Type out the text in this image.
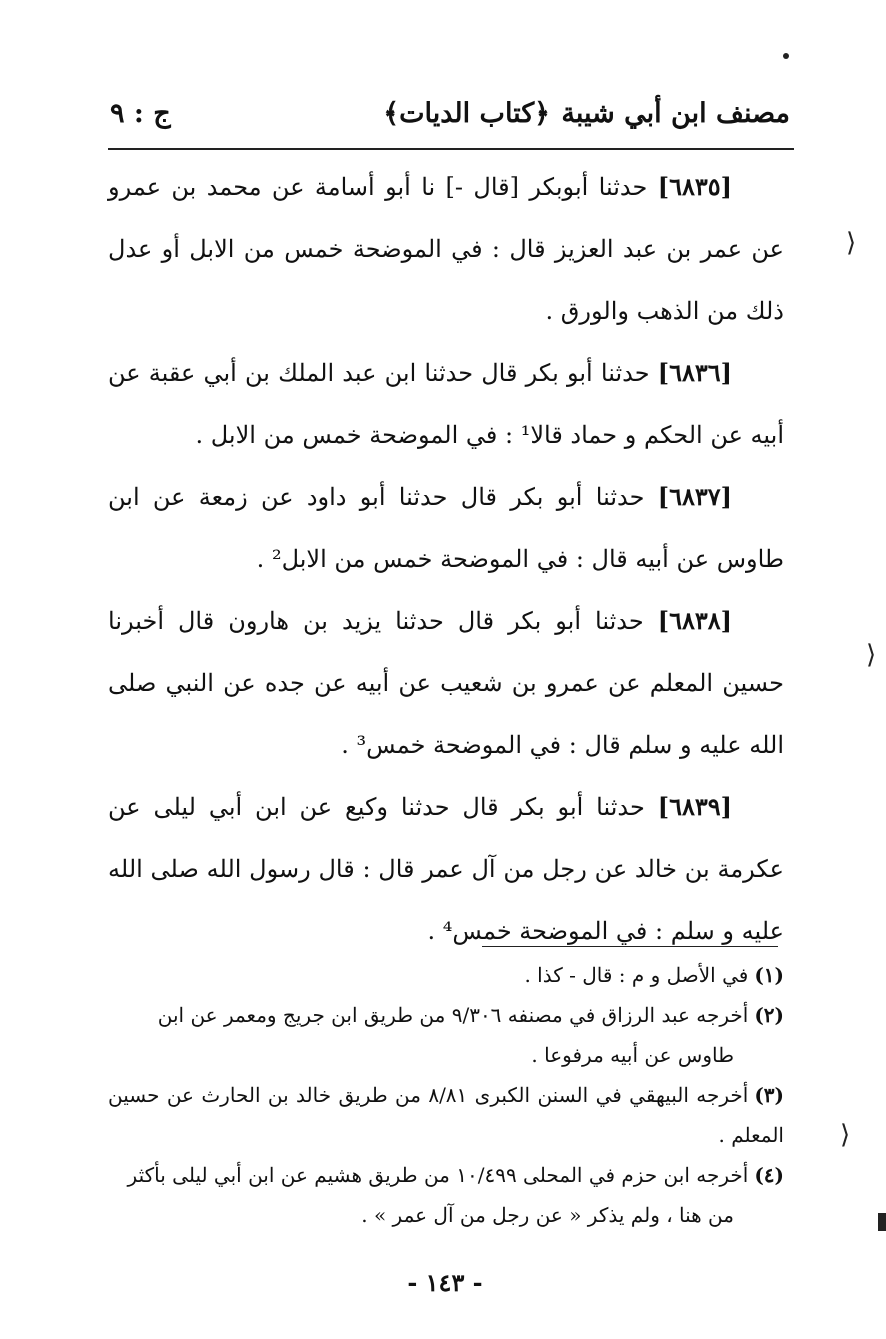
مصنف ابن أبي شيبة
﴿كتاب الديات﴾
ج : ٩

[٦٨٣٥] حدثنا أبوبكر [قال -] نا أبو أسامة عن محمد بن عمرو عن عمر بن عبد العزيز قال : في الموضحة خمس من الابل أو عدل ذلك من الذهب والورق .

[٦٨٣٦] حدثنا أبو بكر قال حدثنا ابن عبد الملك بن أبي عقبة عن أبيه عن الحكم و حماد قالا¹ : في الموضحة خمس من الابل .

[٦٨٣٧] حدثنا أبو بكر قال حدثنا أبو داود عن زمعة عن ابن طاوس عن أبيه قال : في الموضحة خمس من الابل² .

[٦٨٣٨] حدثنا أبو بكر قال حدثنا يزيد بن هارون قال أخبرنا حسين المعلم عن عمرو بن شعيب عن أبيه عن جده عن النبي صلى الله عليه و سلم قال : في الموضحة خمس³ .

[٦٨٣٩] حدثنا أبو بكر قال حدثنا وكيع عن ابن أبي ليلى عن عكرمة بن خالد عن رجل من آل عمر قال : قال رسول الله صلى الله عليه و سلم : في الموضحة خمس⁴ .

(١)في الأصل و م : قال - كذا .

(٢)أخرجه عبد الرزاق في مصنفه ٩/٣٠٦ من طريق ابن جريج ومعمر عن ابن

طاوس عن أبيه مرفوعا .

(٣)أخرجه البيهقي في السنن الكبرى ٨/٨١ من طريق خالد بن الحارث عن حسين المعلم .

(٤)أخرجه ابن حزم في المحلى ١٠/٤٩٩ من طريق هشيم عن ابن أبي ليلى بأكثر

من هنا ، ولم يذكر « عن رجل من آل عمر » .

- ١٤٣ -
⟩
⟩
⟩
